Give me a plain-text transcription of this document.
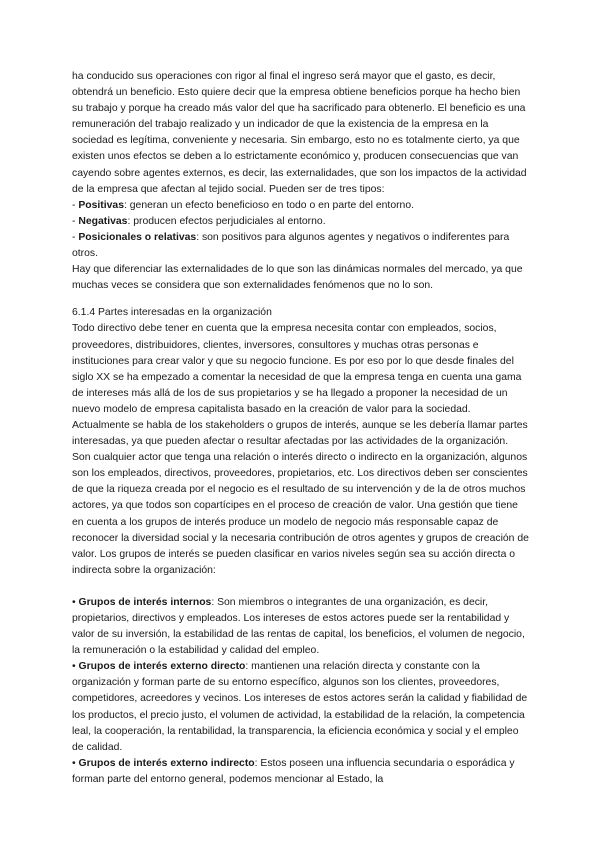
ha conducido sus operaciones con rigor al final el ingreso será mayor que el gasto, es decir, obtendrá un beneficio. Esto quiere decir que la empresa obtiene beneficios porque ha hecho bien su trabajo y porque ha creado más valor del que ha sacrificado para obtenerlo. El beneficio es una remuneración del trabajo realizado y un indicador de que la existencia de la empresa en la sociedad es legítima, conveniente y necesaria. Sin embargo, esto no es totalmente cierto, ya que existen unos efectos se deben a lo estrictamente económico y, producen consecuencias que van cayendo sobre agentes externos, es decir, las externalidades, que son los impactos de la actividad de la empresa que afectan al tejido social. Pueden ser de tres tipos:

- Positivas: generan un efecto beneficioso en todo o en parte del entorno.

- Negativas: producen efectos perjudiciales al entorno.

- Posicionales o relativas: son positivos para algunos agentes y negativos o indiferentes para otros.

Hay que diferenciar las externalidades de lo que son las dinámicas normales del mercado, ya que muchas veces se considera que son externalidades fenómenos que no lo son.

6.1.4 Partes interesadas en la organización

Todo directivo debe tener en cuenta que la empresa necesita contar con empleados, socios, proveedores, distribuidores, clientes, inversores, consultores y muchas otras personas e instituciones para crear valor y que su negocio funcione. Es por eso por lo que desde finales del siglo XX se ha empezado a comentar la necesidad de que la empresa tenga en cuenta una gama de intereses más allá de los de sus propietarios y se ha llegado a proponer la necesidad de un nuevo modelo de empresa capitalista basado en la creación de valor para la sociedad. Actualmente se habla de los stakeholders o grupos de interés, aunque se les debería llamar partes interesadas, ya que pueden afectar o resultar afectadas por las actividades de la organización.

Son cualquier actor que tenga una relación o interés directo o indirecto en la organización, algunos son los empleados, directivos, proveedores, propietarios, etc. Los directivos deben ser conscientes de que la riqueza creada por el negocio es el resultado de su intervención y de la de otros muchos actores, ya que todos son copartícipes en el proceso de creación de valor. Una gestión que tiene en cuenta a los grupos de interés produce un modelo de negocio más responsable capaz de reconocer la diversidad social y la necesaria contribución de otros agentes y grupos de creación de valor. Los grupos de interés se pueden clasificar en varios niveles según sea su acción directa o indirecta sobre la organización:

• Grupos de interés internos: Son miembros o integrantes de una organización, es decir, propietarios, directivos y empleados. Los intereses de estos actores puede ser la rentabilidad y valor de su inversión, la estabilidad de las rentas de capital, los beneficios, el volumen de negocio, la remuneración o la estabilidad y calidad del empleo.

• Grupos de interés externo directo: mantienen una relación directa y constante con la organización y forman parte de su entorno específico, algunos son los clientes, proveedores, competidores, acreedores y vecinos. Los intereses de estos actores serán la calidad y fiabilidad de los productos, el precio justo, el volumen de actividad, la estabilidad de la relación, la competencia leal, la cooperación, la rentabilidad, la transparencia, la eficiencia económica y social y el empleo de calidad.

• Grupos de interés externo indirecto: Estos poseen una influencia secundaria o esporádica y forman parte del entorno general, podemos mencionar al Estado, la
